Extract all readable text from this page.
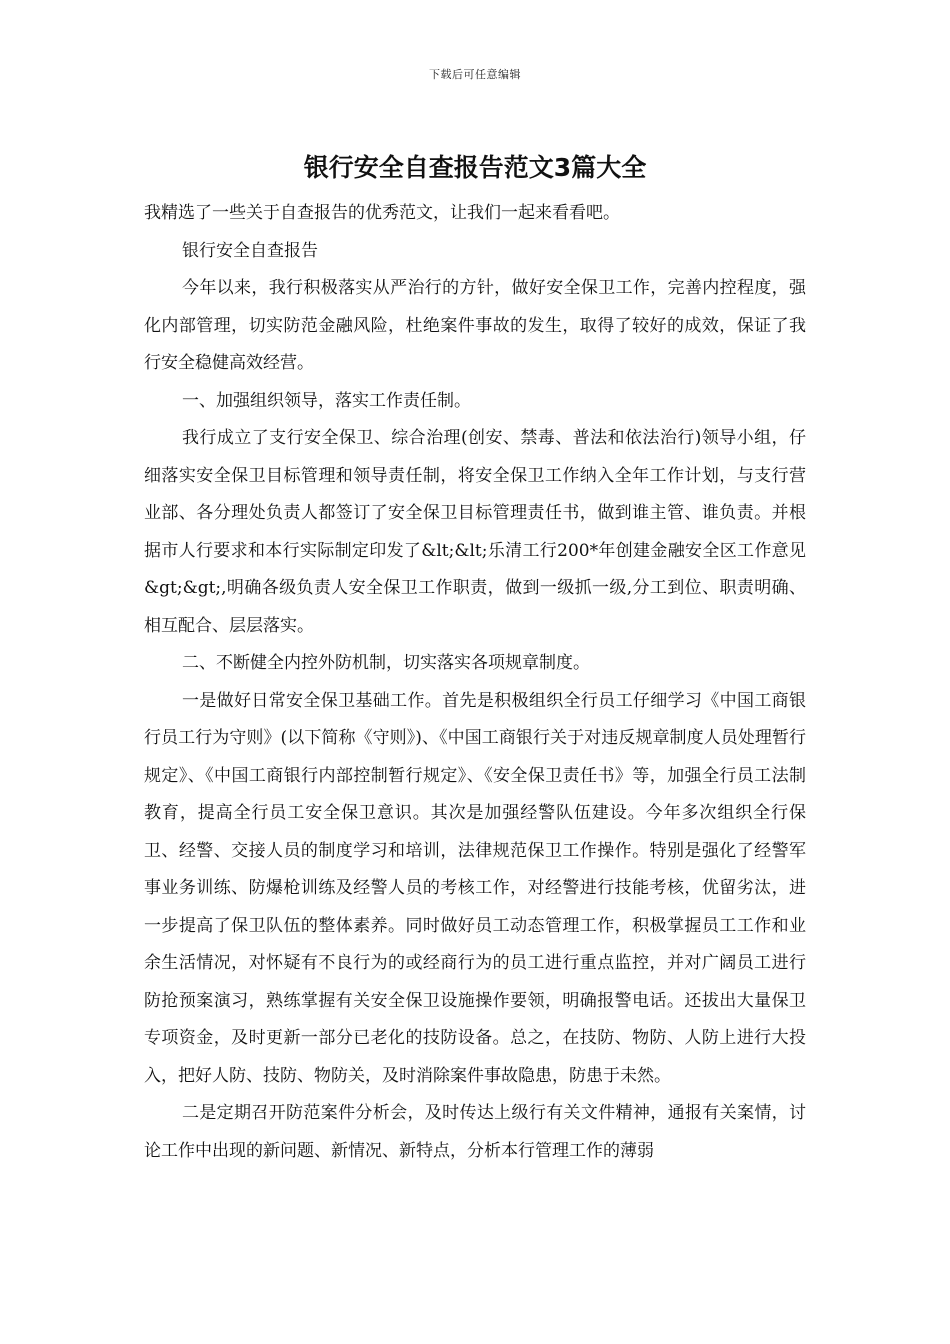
下载后可任意编辑
银行安全自查报告范文3篇大全

我精选了一些关于自查报告的优秀范文，让我们一起来看看吧。

银行安全自查报告

今年以来，我行积极落实从严治行的方针，做好安全保卫工作，完善内控程度，强化内部管理，切实防范金融风险，杜绝案件事故的发生，取得了较好的成效，保证了我行安全稳健高效经营。

一、加强组织领导，落实工作责任制。

我行成立了支行安全保卫、综合治理(创安、禁毒、普法和依法治行)领导小组，仔细落实安全保卫目标管理和领导责任制，将安全保卫工作纳入全年工作计划，与支行营业部、各分理处负责人都签订了安全保卫目标管理责任书，做到谁主管、谁负责。并根据市人行要求和本行实际制定印发了&lt;&lt;乐清工行200*年创建金融安全区工作意见&gt;&gt;,明确各级负责人安全保卫工作职责，做到一级抓一级,分工到位、职责明确、相互配合、层层落实。

二、不断健全内控外防机制，切实落实各项规章制度。

一是做好日常安全保卫基础工作。首先是积极组织全行员工仔细学习《中国工商银行员工行为守则》(以下简称《守则》)、《中国工商银行关于对违反规章制度人员处理暂行规定》、《中国工商银行内部控制暂行规定》、《安全保卫责任书》等，加强全行员工法制教育，提高全行员工安全保卫意识。其次是加强经警队伍建设。今年多次组织全行保卫、经警、交接人员的制度学习和培训，法律规范保卫工作操作。特别是强化了经警军事业务训练、防爆枪训练及经警人员的考核工作，对经警进行技能考核，优留劣汰，进一步提高了保卫队伍的整体素养。同时做好员工动态管理工作，积极掌握员工工作和业余生活情况，对怀疑有不良行为的或经商行为的员工进行重点监控，并对广阔员工进行防抢预案演习，熟练掌握有关安全保卫设施操作要领，明确报警电话。还拔出大量保卫专项资金，及时更新一部分已老化的技防设备。总之，在技防、物防、人防上进行大投入，把好人防、技防、物防关，及时消除案件事故隐患，防患于未然。

二是定期召开防范案件分析会，及时传达上级行有关文件精神，通报有关案情，讨论工作中出现的新问题、新情况、新特点，分析本行管理工作的薄弱
